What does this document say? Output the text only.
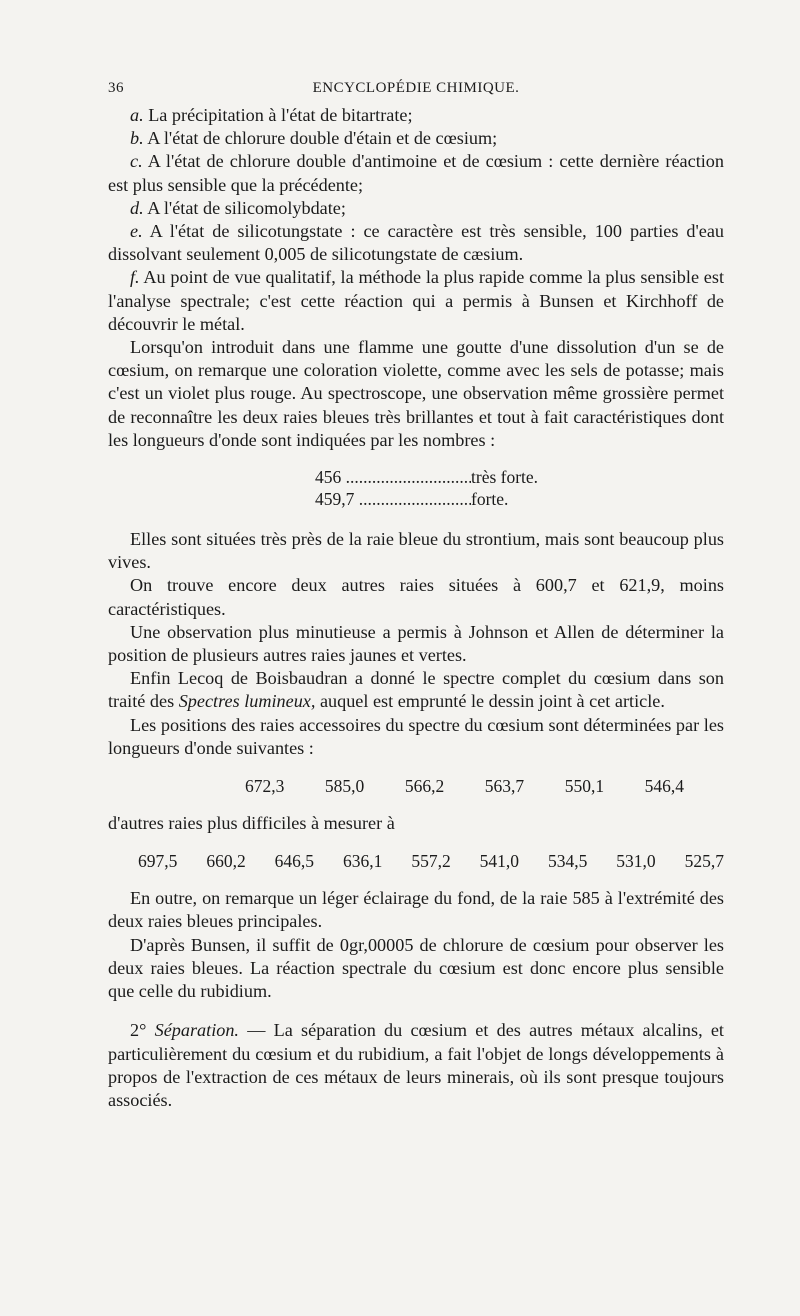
36	ENCYCLOPÉDIE CHIMIQUE.

a. La précipitation à l'état de bitartrate;

b. A l'état de chlorure double d'étain et de cœsium;

c. A l'état de chlorure double d'antimoine et de cœsium : cette dernière réaction est plus sensible que la précédente;

d. A l'état de silicomolybdate;

e. A l'état de silicotungstate : ce caractère est très sensible, 100 parties d'eau dissolvant seulement 0,005 de silicotungstate de cæsium.

f. Au point de vue qualitatif, la méthode la plus rapide comme la plus sensible est l'analyse spectrale; c'est cette réaction qui a permis à Bunsen et Kirchhoff de découvrir le métal.

Lorsqu'on introduit dans une flamme une goutte d'une dissolution d'un se de cœsium, on remarque une coloration violette, comme avec les sels de potasse; mais c'est un violet plus rouge. Au spectroscope, une observation même grossière permet de reconnaître les deux raies bleues très brillantes et tout à fait caractéristiques dont les longueurs d'onde sont indiquées par les nombres :

456 .....	très forte.
459,7 .....	forte.

Elles sont situées très près de la raie bleue du strontium, mais sont beaucoup plus vives.

On trouve encore deux autres raies situées à 600,7 et 621,9, moins caractéristiques.

Une observation plus minutieuse a permis à Johnson et Allen de déterminer la position de plusieurs autres raies jaunes et vertes.

Enfin Lecoq de Boisbaudran a donné le spectre complet du cœsium dans son traité des Spectres lumineux, auquel est emprunté le dessin joint à cet article.

Les positions des raies accessoires du spectre du cœsium sont déterminées par les longueurs d'onde suivantes :

672,3 585,0 566,2 563,7 550,1 546,4

d'autres raies plus difficiles à mesurer à

697,5 660,2 646,5 636,1 557,2 541,0 534,5 531,0 525,7

En outre, on remarque un léger éclairage du fond, de la raie 585 à l'extrémité des deux raies bleues principales.

D'après Bunsen, il suffit de 0gr,00005 de chlorure de cœsium pour observer les deux raies bleues. La réaction spectrale du cœsium est donc encore plus sensible que celle du rubidium.

2° Séparation. — La séparation du cœsium et des autres métaux alcalins, et particulièrement du cœsium et du rubidium, a fait l'objet de longs développements à propos de l'extraction de ces métaux de leurs minerais, où ils sont presque toujours associés.
